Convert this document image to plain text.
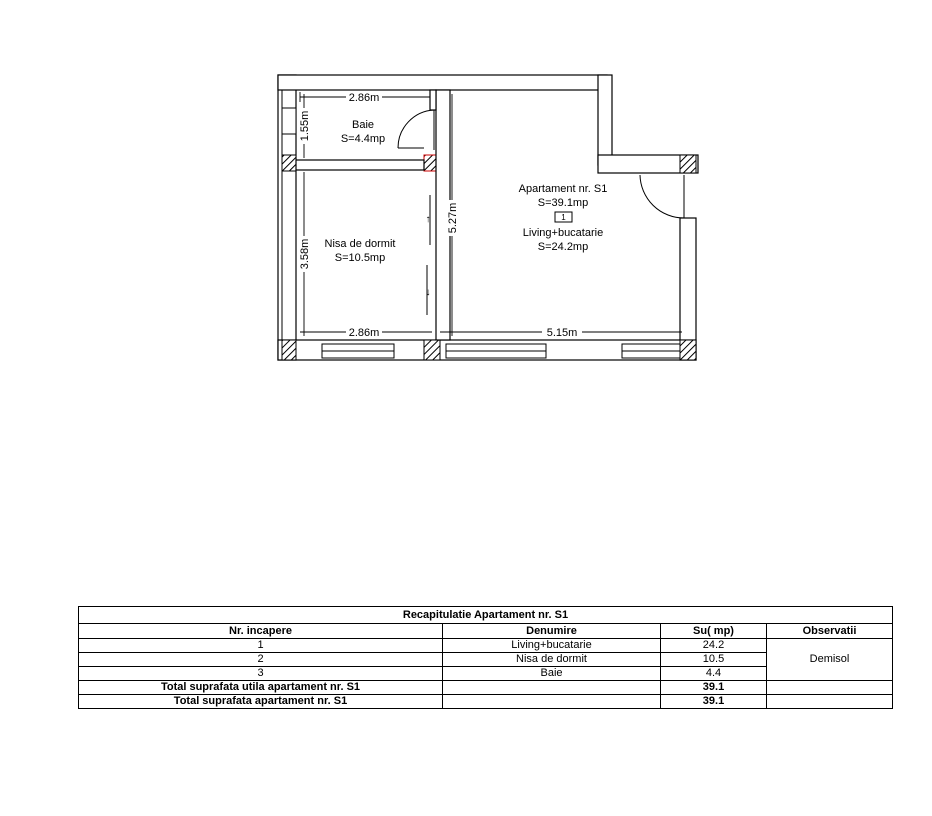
↑
↓
2.86m
1.55m
3.58m
2.86m
5.27m
5.15m
Baie
S=4.4mp
Nisa de dormit
S=10.5mp
Apartament nr. S1
S=39.1mp
1
Living+bucatarie
S=24.2mp
Recapitulatie Apartament nr. S1			
Nr. incapere	Denumire	Su( mp)	Observatii
1	Living+bucatarie	24.2	Demisol
2	Nisa de dormit	10.5	
3	Baie	4.4	
Total suprafata utila apartament nr. S1		39.1	
Total suprafata apartament nr. S1		39.1	
